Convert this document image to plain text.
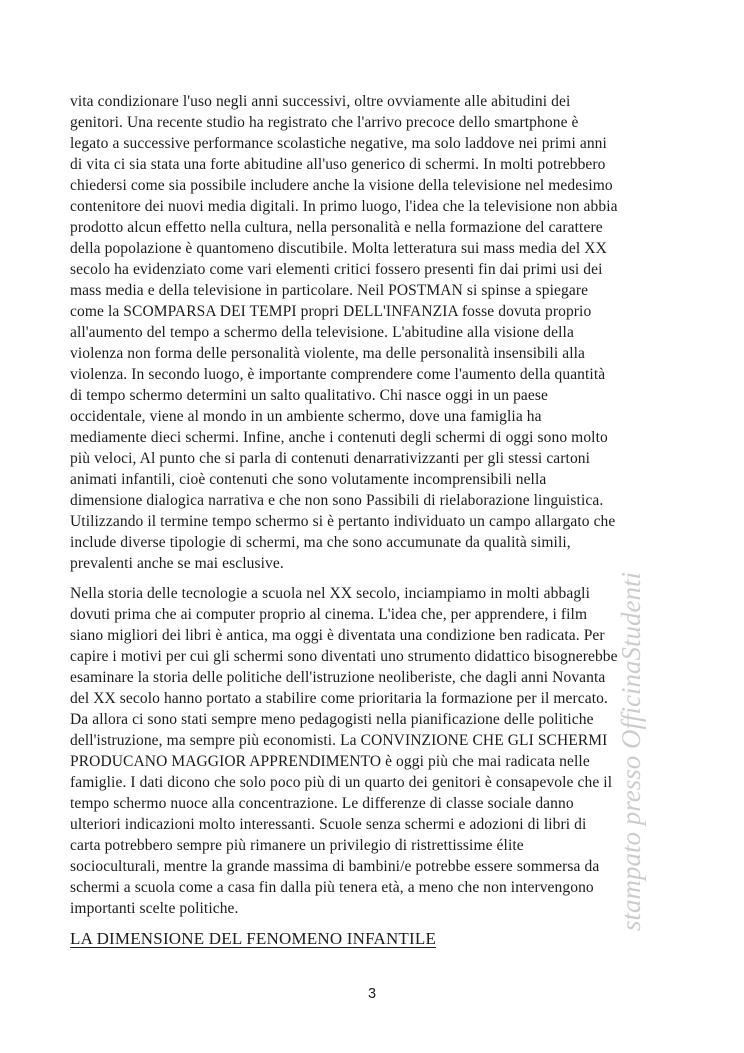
vita condizionare l'uso negli anni successivi, oltre ovviamente alle abitudini dei
genitori. Una recente studio ha registrato che l'arrivo precoce dello smartphone è
legato a successive performance scolastiche negative, ma solo laddove nei primi anni
di vita ci sia stata una forte abitudine all'uso generico di schermi. In molti potrebbero
chiedersi come sia possibile includere anche la visione della televisione nel medesimo
contenitore dei nuovi media digitali. In primo luogo, l'idea che la televisione non abbia
prodotto alcun effetto nella cultura, nella personalità e nella formazione del carattere
della popolazione è quantomeno discutibile. Molta letteratura sui mass media del XX
secolo ha evidenziato come vari elementi critici fossero presenti fin dai primi usi dei
mass media e della televisione in particolare. Neil POSTMAN si spinse a spiegare
come la SCOMPARSA DEI TEMPI propri DELL'INFANZIA fosse dovuta proprio
all'aumento del tempo a schermo della televisione. L'abitudine alla visione della
violenza non forma delle personalità violente, ma delle personalità insensibili alla
violenza. In secondo luogo, è importante comprendere come l'aumento della quantità
di tempo schermo determini un salto qualitativo. Chi nasce oggi in un paese
occidentale, viene al mondo in un ambiente schermo, dove una famiglia ha
mediamente dieci schermi. Infine, anche i contenuti degli schermi di oggi sono molto
più veloci, Al punto che si parla di contenuti denarrativizzanti per gli stessi cartoni
animati infantili, cioè contenuti che sono volutamente incomprensibili nella
dimensione dialogica narrativa e che non sono Passibili di rielaborazione linguistica.
Utilizzando il termine tempo schermo si è pertanto individuato un campo allargato che
include diverse tipologie di schermi, ma che sono accumunate da qualità simili,
prevalenti anche se mai esclusive.
Nella storia delle tecnologie a scuola nel XX secolo, inciampiamo in molti abbagli
dovuti prima che ai computer proprio al cinema. L'idea che, per apprendere, i film
siano migliori dei libri è antica, ma oggi è diventata una condizione ben radicata. Per
capire i motivi per cui gli schermi sono diventati uno strumento didattico bisognerebbe
esaminare la storia delle politiche dell'istruzione neoliberiste, che dagli anni Novanta
del XX secolo hanno portato a stabilire come prioritaria la formazione per il mercato.
Da allora ci sono stati sempre meno pedagogisti nella pianificazione delle politiche
dell'istruzione, ma sempre più economisti. La CONVINZIONE CHE GLI SCHERMI
PRODUCANO MAGGIOR APPRENDIMENTO è oggi più che mai radicata nelle
famiglie. I dati dicono che solo poco più di un quarto dei genitori è consapevole che il
tempo schermo nuoce alla concentrazione. Le differenze di classe sociale danno
ulteriori indicazioni molto interessanti. Scuole senza schermi e adozioni di libri di
carta potrebbero sempre più rimanere un privilegio di ristrettissime élite
socioculturali, mentre la grande massima di bambini/e potrebbe essere sommersa da
schermi a scuola come a casa fin dalla più tenera età, a meno che non intervengono
importanti scelte politiche.
LA DIMENSIONE DEL FENOMENO INFANTILE
stampato presso OfficinaStudenti
3
